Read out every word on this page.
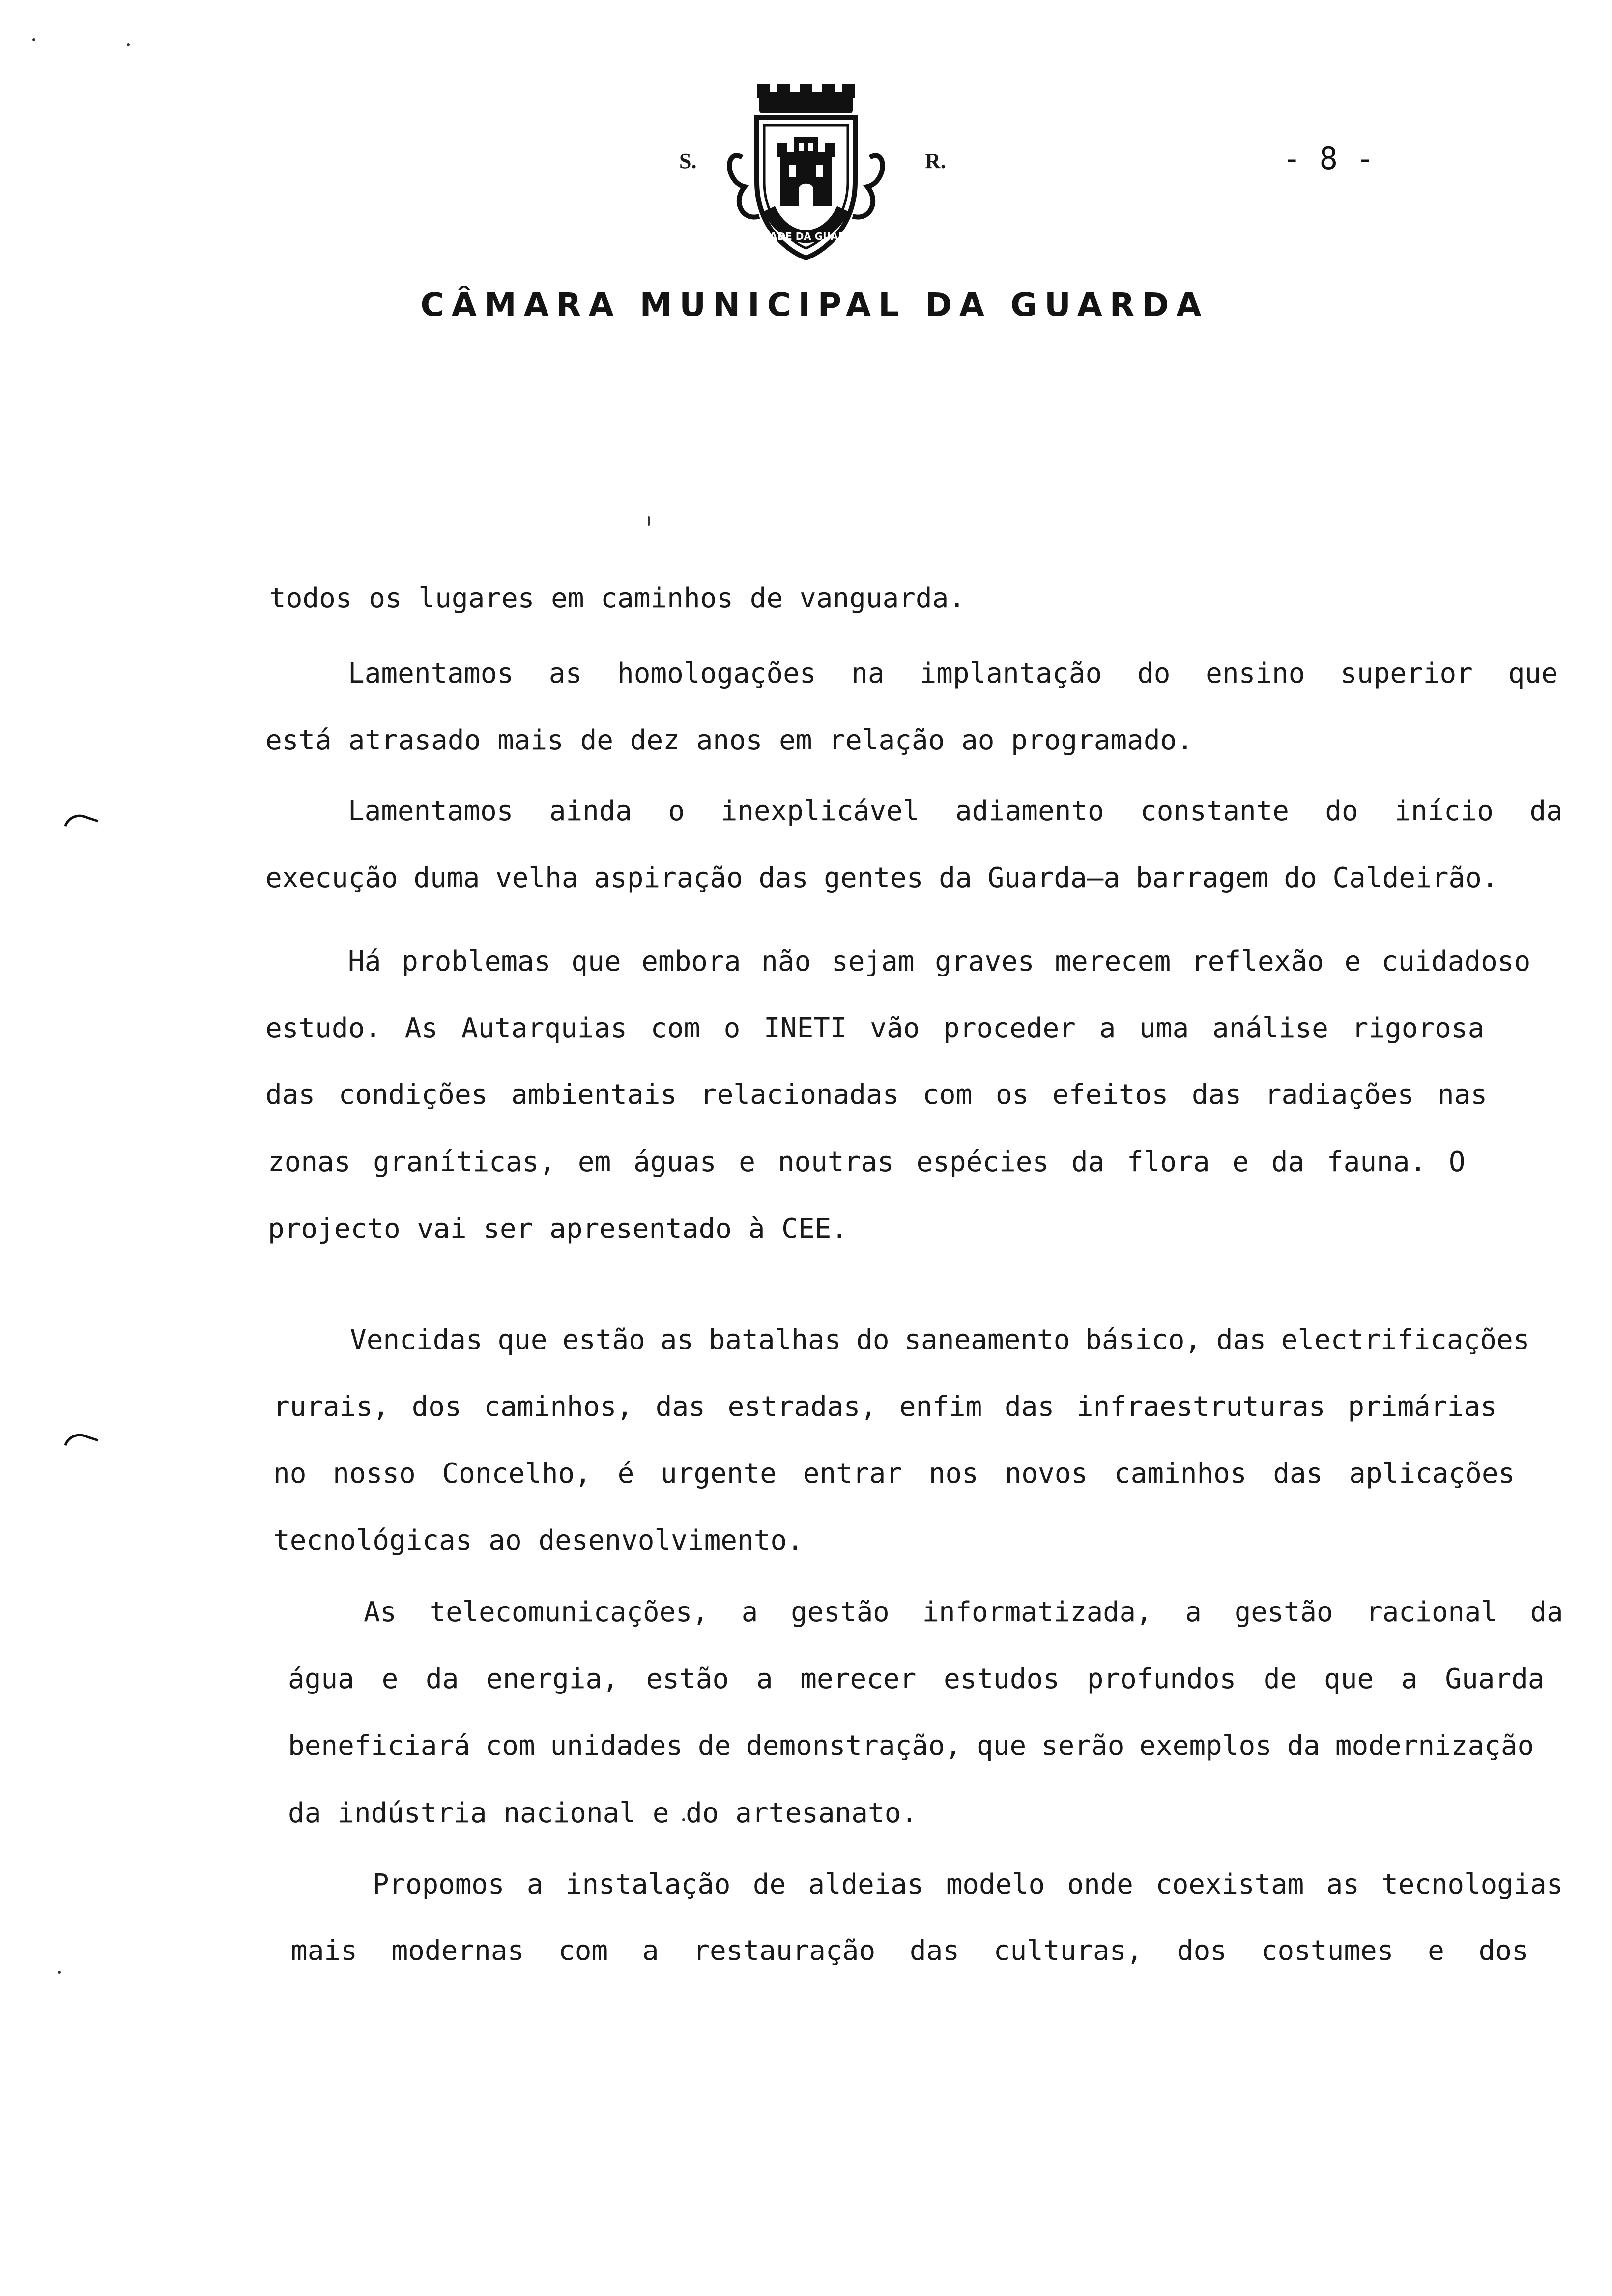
S.
CIDADE DA GUARDA
R.	- 8 -
CÂMARA MUNICIPAL DA GUARDA
todos os lugares em caminhos de vanguarda.
Lamentamos as homologações na implantação do ensino superior que
está atrasado mais de dez anos em relação ao programado.
Lamentamos ainda o inexplicável adiamento constante do início da
execução duma velha aspiração das gentes da Guarda—a barragem do Caldeirão.
Há problemas que embora não sejam graves merecem reflexão e cuidadoso
estudo. As Autarquias com o INETI vão proceder a uma análise rigorosa
das condições ambientais relacionadas com os efeitos das radiações nas
zonas graníticas, em águas e noutras espécies da flora e da fauna. O
projecto vai ser apresentado à CEE.
Vencidas que estão as batalhas do saneamento básico, das electrificações
rurais, dos caminhos, das estradas, enfim das infraestruturas primárias
no nosso Concelho, é urgente entrar nos novos caminhos das aplicações
tecnológicas ao desenvolvimento.
As telecomunicações, a gestão informatizada, a gestão racional da
água e da energia, estão a merecer estudos profundos de que a Guarda
beneficiará com unidades de demonstração, que serão exemplos da modernização
da indústria nacional e do artesanato.
Propomos a instalação de aldeias modelo onde coexistam as tecnologias
mais modernas com a restauração das culturas, dos costumes e dos
